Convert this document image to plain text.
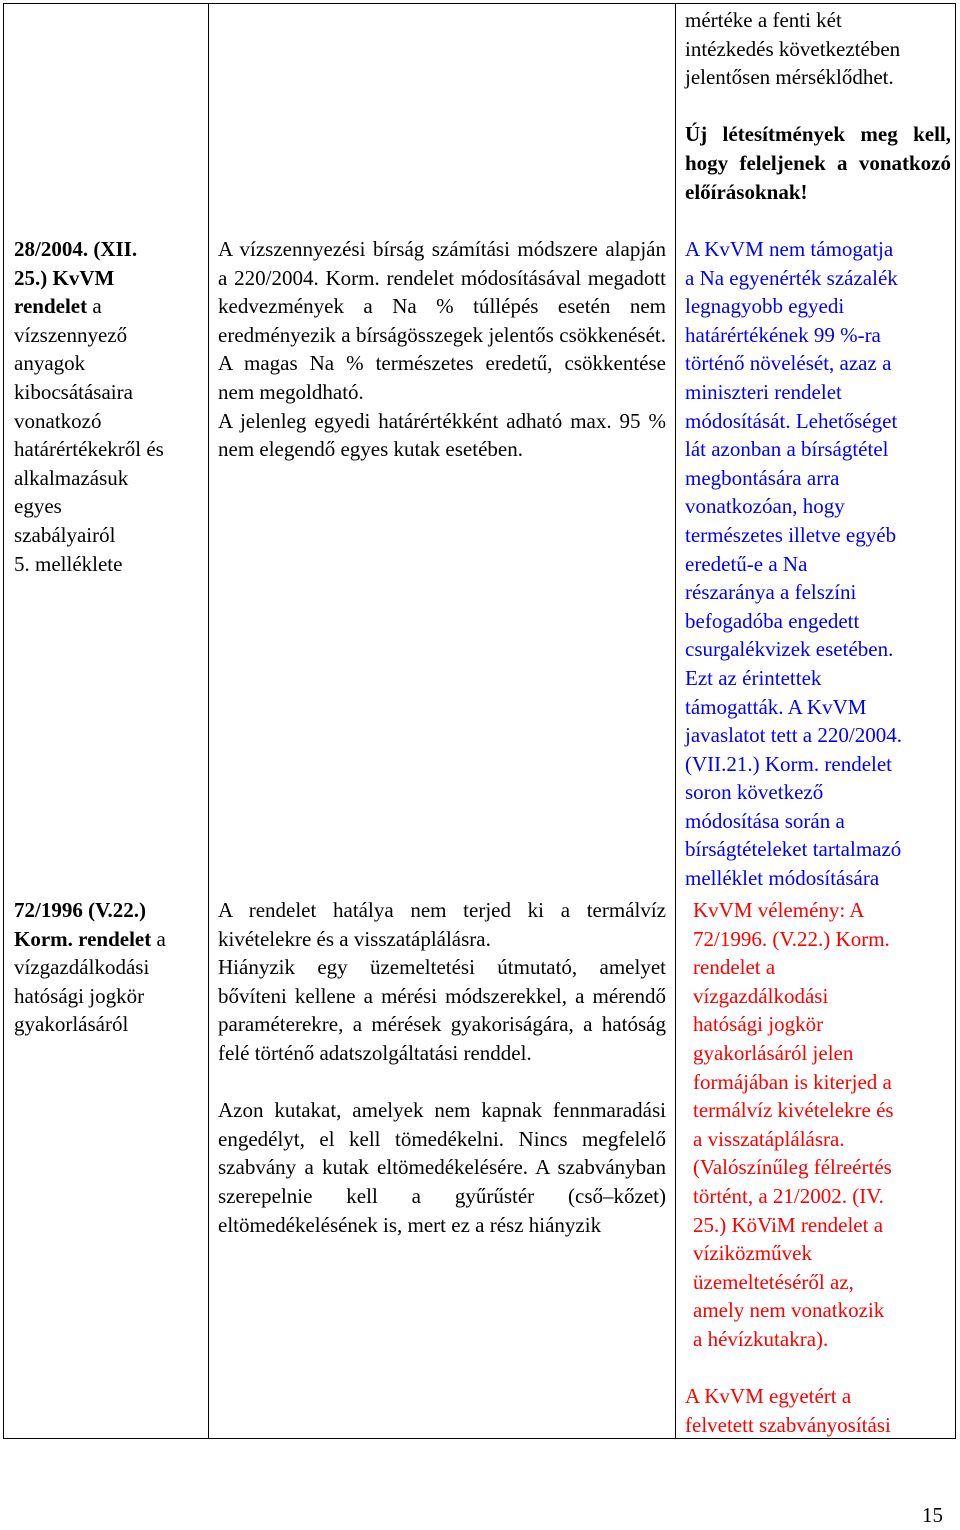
28/2004. (XII.
25.) KvVM
rendelet a
vízszennyező
anyagok
kibocsátásaira
vonatkozó
határértékekről és
alkalmazásuk
egyes
szabályairól
5. melléklete
72/1996 (V.22.)
Korm. rendelet a
vízgazdálkodási
hatósági jogkör
gyakorlásáról

A vízszennyezési bírság számítási módszere alapján a 220/2004. Korm. rendelet módosításával megadott kedvezmények a Na % túllépés esetén nem eredményezik a bírságösszegek jelentős csökkenését. A magas Na % természetes eredetű, csökkentése nem megoldható.

A jelenleg egyedi határértékként adható max. 95 % nem elegendő egyes kutak esetében.

A rendelet hatálya nem terjed ki a termálvíz kivételekre és a visszatáplálásra.

Hiányzik egy üzemeltetési útmutató, amelyet bővíteni kellene a mérési módszerekkel, a mérendő paraméterekre, a mérések gyakoriságára, a hatóság felé történő adatszolgáltatási renddel.

Azon kutakat, amelyek nem kapnak fennmaradási engedélyt, el kell tömedékelni. Nincs megfelelő szabvány a kutak eltömedékelésére. A szabványban szerepelnie kell a gyűrűstér (cső–kőzet) eltömedékelésének is, mert ez a rész hiányzik

mértéke a fenti két
intézkedés következtében
jelentősen mérséklődhet.

Új létesítmények meg kell, hogy feleljenek a vonatkozó előírásoknak!

A KvVM nem támogatja
a Na egyenérték százalék
legnagyobb egyedi
határértékének 99 %-ra
történő növelését, azaz a
miniszteri rendelet
módosítását. Lehetőséget
lát azonban a bírságtétel
megbontására arra
vonatkozóan, hogy
természetes illetve egyéb
eredetű-e a Na
részaránya a felszíni
befogadóba engedett
csurgalékvizek esetében.
Ezt az érintettek
támogatták. A KvVM
javaslatot tett a 220/2004.
(VII.21.) Korm. rendelet
soron következő
módosítása során a
bírságtételeket tartalmazó
melléklet módosítására
KvVM vélemény: A
72/1996. (V.22.) Korm.
rendelet a
vízgazdálkodási
hatósági jogkör
gyakorlásáról jelen
formájában is kiterjed a
termálvíz kivételekre és
a visszatáplálásra.
(Valószínűleg félreértés
történt, a 21/2002. (IV.
25.) KöViM rendelet a
víziközművek
üzemeltetéséről az,
amely nem vonatkozik
a hévízkutakra).
A KvVM egyetért a
felvetett szabványosítási
15
